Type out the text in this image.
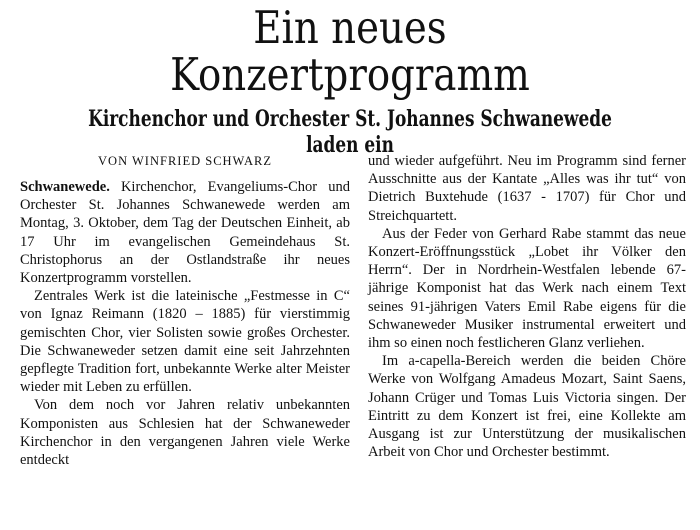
Ein neues
Konzertprogramm
Kirchenchor und Orchester St. Johannes Schwanewede laden ein
VON WINFRIED SCHWARZ

Schwanewede. Kirchenchor, Evangeliums-Chor und Orchester St. Johannes Schwanewede werden am Montag, 3. Oktober, dem Tag der Deutschen Einheit, ab 17 Uhr im evangelischen Gemeindehaus St. Christophorus an der Ostlandstraße ihr neues Konzertprogramm vorstellen.

Zentrales Werk ist die lateinische „Festmesse in C“ von Ignaz Reimann (1820 – 1885) für vierstimmig gemischten Chor, vier Solisten sowie großes Orchester. Die Schwaneweder setzen damit eine seit Jahrzehnten gepflegte Tradition fort, unbekannte Werke alter Meister wieder mit Leben zu erfüllen.

Von dem noch vor Jahren relativ unbekannten Komponisten aus Schlesien hat der Schwaneweder Kirchenchor in den vergangenen Jahren viele Werke entdeckt

und wieder aufgeführt. Neu im Programm sind ferner Ausschnitte aus der Kantate „Alles was ihr tut“ von Dietrich Buxtehude (1637 - 1707) für Chor und Streichquartett.

Aus der Feder von Gerhard Rabe stammt das neue Konzert-Eröffnungsstück „Lobet ihr Völker den Herrn“. Der in Nordrhein-Westfalen lebende 67-jährige Komponist hat das Werk nach einem Text seines 91-jährigen Vaters Emil Rabe eigens für die Schwaneweder Musiker instrumental erweitert und ihm so einen noch festlicheren Glanz verliehen.

Im a-capella-Bereich werden die beiden Chöre Werke von Wolfgang Amadeus Mozart, Saint Saens, Johann Crüger und Tomas Luis Victoria singen. Der Eintritt zu dem Konzert ist frei, eine Kollekte am Ausgang ist zur Unterstützung der musikalischen Arbeit von Chor und Orchester bestimmt.
